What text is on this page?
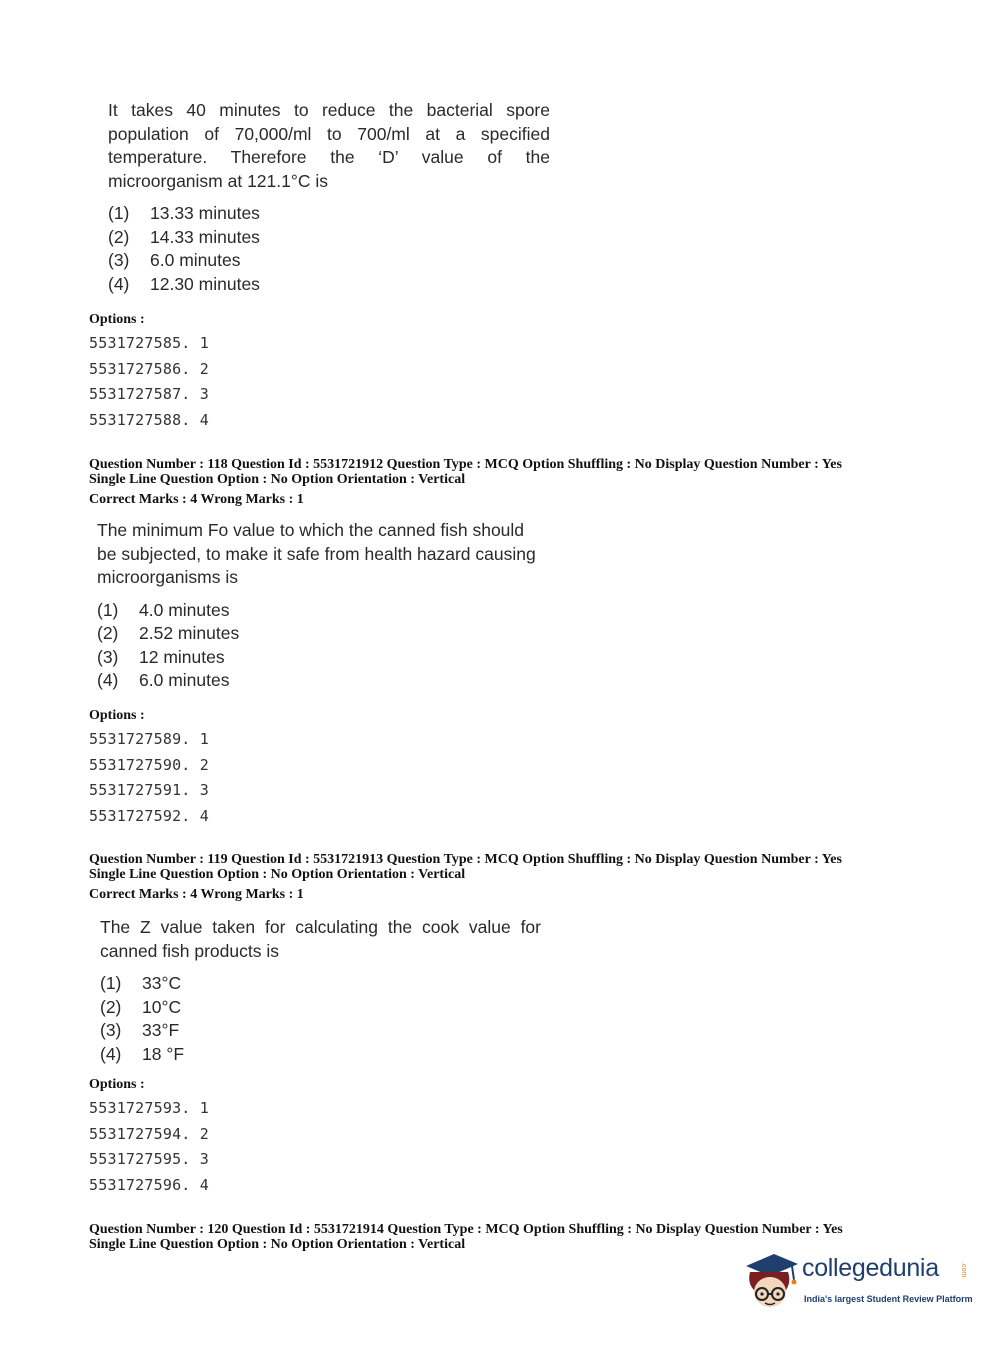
It takes 40 minutes to reduce the bacterial spore population of 70,000/ml to 700/ml at a specified temperature. Therefore the ‘D’ value of the microorganism at 121.1°C is

(1) 13.33 minutes
(2) 14.33 minutes
(3) 6.0 minutes
(4) 12.30 minutes
Options :
5531727585. 1
5531727586. 2
5531727587. 3
5531727588. 4
Question Number : 118 Question Id : 5531721912 Question Type : MCQ Option Shuffling : No Display Question Number : Yes
Single Line Question Option : No Option Orientation : Vertical
Correct Marks : 4 Wrong Marks : 1

The minimum Fo value to which the canned fish should
be subjected, to make it safe from health hazard causing
microorganisms is

(1) 4.0 minutes
(2) 2.52 minutes
(3) 12 minutes
(4) 6.0 minutes
Options :
5531727589. 1
5531727590. 2
5531727591. 3
5531727592. 4
Question Number : 119 Question Id : 5531721913 Question Type : MCQ Option Shuffling : No Display Question Number : Yes
Single Line Question Option : No Option Orientation : Vertical
Correct Marks : 4 Wrong Marks : 1

The Z value taken for calculating the cook value for canned fish products is

(1) 33°C
(2) 10°C
(3) 33°F
(4) 18 °F
Options :
5531727593. 1
5531727594. 2
5531727595. 3
5531727596. 4
Question Number : 120 Question Id : 5531721914 Question Type : MCQ Option Shuffling : No Display Question Number : Yes
Single Line Question Option : No Option Orientation : Vertical
collegedunia	.com
India's largest Student Review Platform
